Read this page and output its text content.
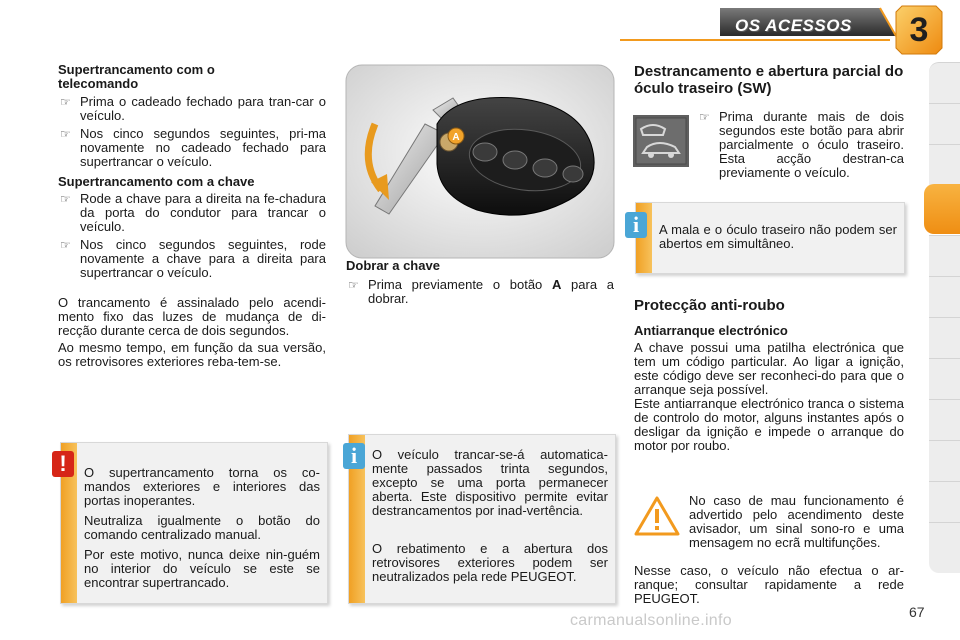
OS ACESSOS	3
Supertrancamento com o telecomando
☞ Prima o cadeado fechado para tran-car o veículo.
☞ Nos cinco segundos seguintes, pri-ma novamente no cadeado fechado para supertrancar o veículo.
Supertrancamento com a chave
☞ Rode a chave para a direita na fe-chadura da porta do condutor para trancar o veículo.
☞ Nos cinco segundos seguintes, rode novamente a chave para a direita para supertrancar o veículo.
O trancamento é assinalado pelo acendi-mento fixo das luzes de mudança de di-recção durante cerca de dois segundos.
Ao mesmo tempo, em função da sua versão, os retrovisores exteriores reba-tem-se.
A
Dobrar a chave
☞ Prima previamente o botão A para a dobrar.
Destrancamento e abertura parcial do óculo traseiro (SW)
☞ Prima durante mais de dois segundos este botão para abrir parcialmente o óculo traseiro. Esta acção destran-ca previamente o veículo.
A mala e o óculo traseiro não podem ser abertos em simultâneo.
i
Protecção anti-roubo
Antiarranque electrónico
A chave possui uma patilha electrónica que tem um código particular. Ao ligar a ignição, este código deve ser reconheci-do para que o arranque seja possível.
Este antiarranque electrónico tranca o sistema de controlo do motor, alguns instantes após o desligar da ignição e impede o arranque do motor por roubo.
No caso de mau funcionamento é advertido pelo acendimento deste avisador, um sinal sono-ro e uma mensagem no ecrã multifunções.
Nesse caso, o veículo não efectua o ar-ranque; consultar rapidamente a rede PEUGEOT.

O supertrancamento torna os co-mandos exteriores e interiores das portas inoperantes.

Neutraliza igualmente o botão do comando centralizado manual.

Por este motivo, nunca deixe nin-guém no interior do veículo se este se encontrar supertrancado.

!	O veículo trancar-se-á automatica-mente passados trinta segundos, excepto se uma porta permanecer aberta. Este dispositivo permite evitar destrancamentos por inad-vertência.

O rebatimento e a abertura dos retrovisores exteriores podem ser neutralizados pela rede PEUGEOT.

i
67
carmanualsonline.info
